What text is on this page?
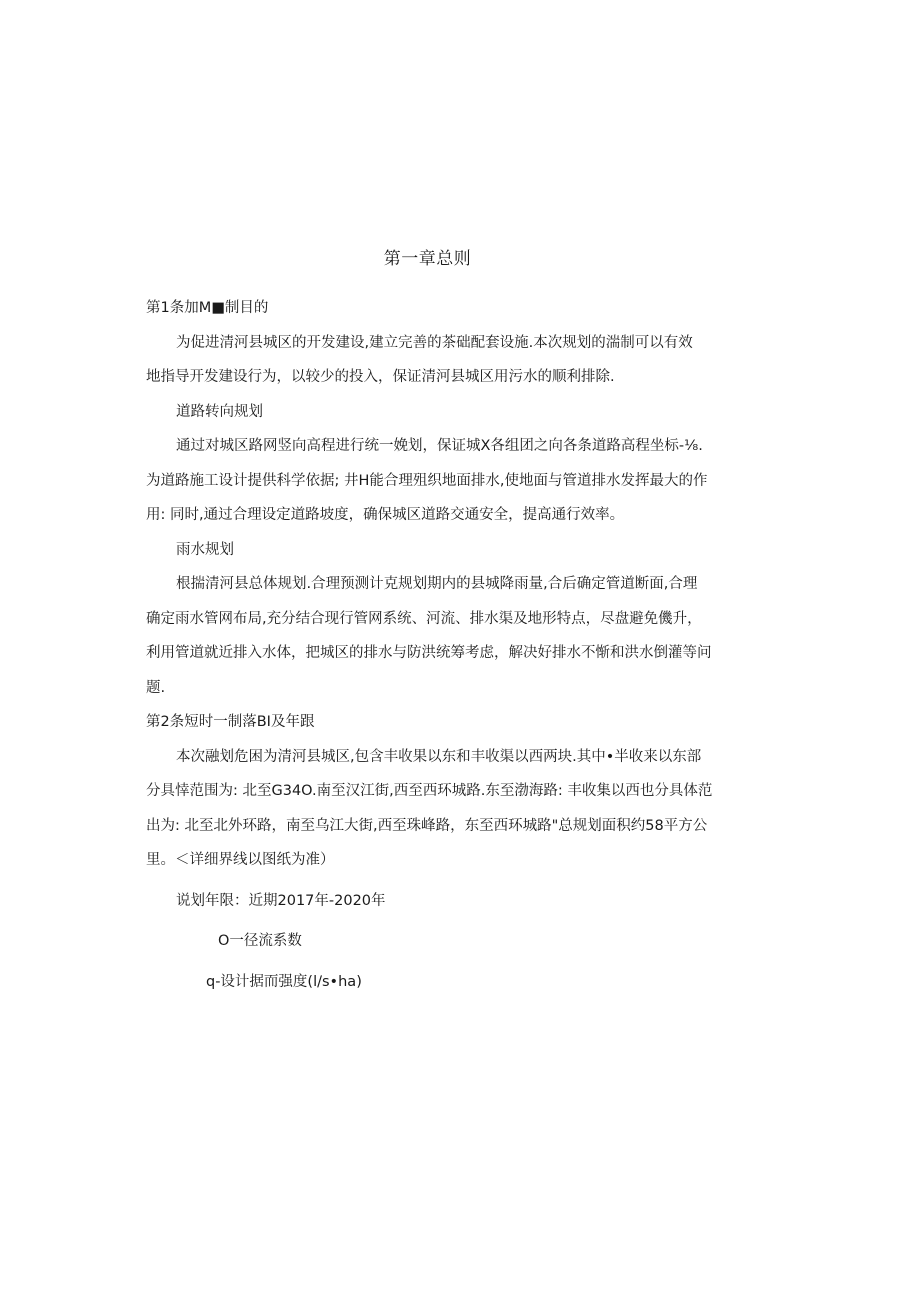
第一章总则
第1条加M■制目的
为促进清河县城区的开发建设,建立完善的茶础配套设施.本次规划的湍制可以有效
地指导开发建设行为，以较少的投入，保证清河县城区用污水的顺利排除.
道路转向规划
通过对城区路网竖向高程进行统一娩划，保证城X各组团之向各条道路高程坐标-⅛.
为道路施工设计提供科学依据; 井H能合理殂织地面排水,使地面与管道排水发挥最大的作
用: 同时,通过合理设定道路坡度，确保城区道路交通安全，提高通行效率。
雨水规划
根揣清河县总体规划.合理预测计克规划期内的县城降雨量,合后确定管道断面,合理
确定雨水管网布局,充分结合现行管网系统、河流、排水渠及地形特点，尽盘避免僟升，
利用管道就近排入水体，把城区的排水与防洪统筹考虑，解决好排水不惭和洪水倒灌等问
题.
第2条短时一制落BI及年跟
本次融划危困为清河县城区,包含丰收果以东和丰收渠以西两块.其中•半收来以东部
分具悻范围为: 北至G34O.南至汉江街,西至西环城路.东至渤海路: 丰收集以西也分具体范
出为: 北至北外环路，南至乌江大街,西至珠峰路，东至西环城路"总规划面积约58平方公
里。＜详细界线以图纸为准）
说划年限：近期2017年-2020年
O一径流系数
q-设计据而强度(l∕s•ha)
